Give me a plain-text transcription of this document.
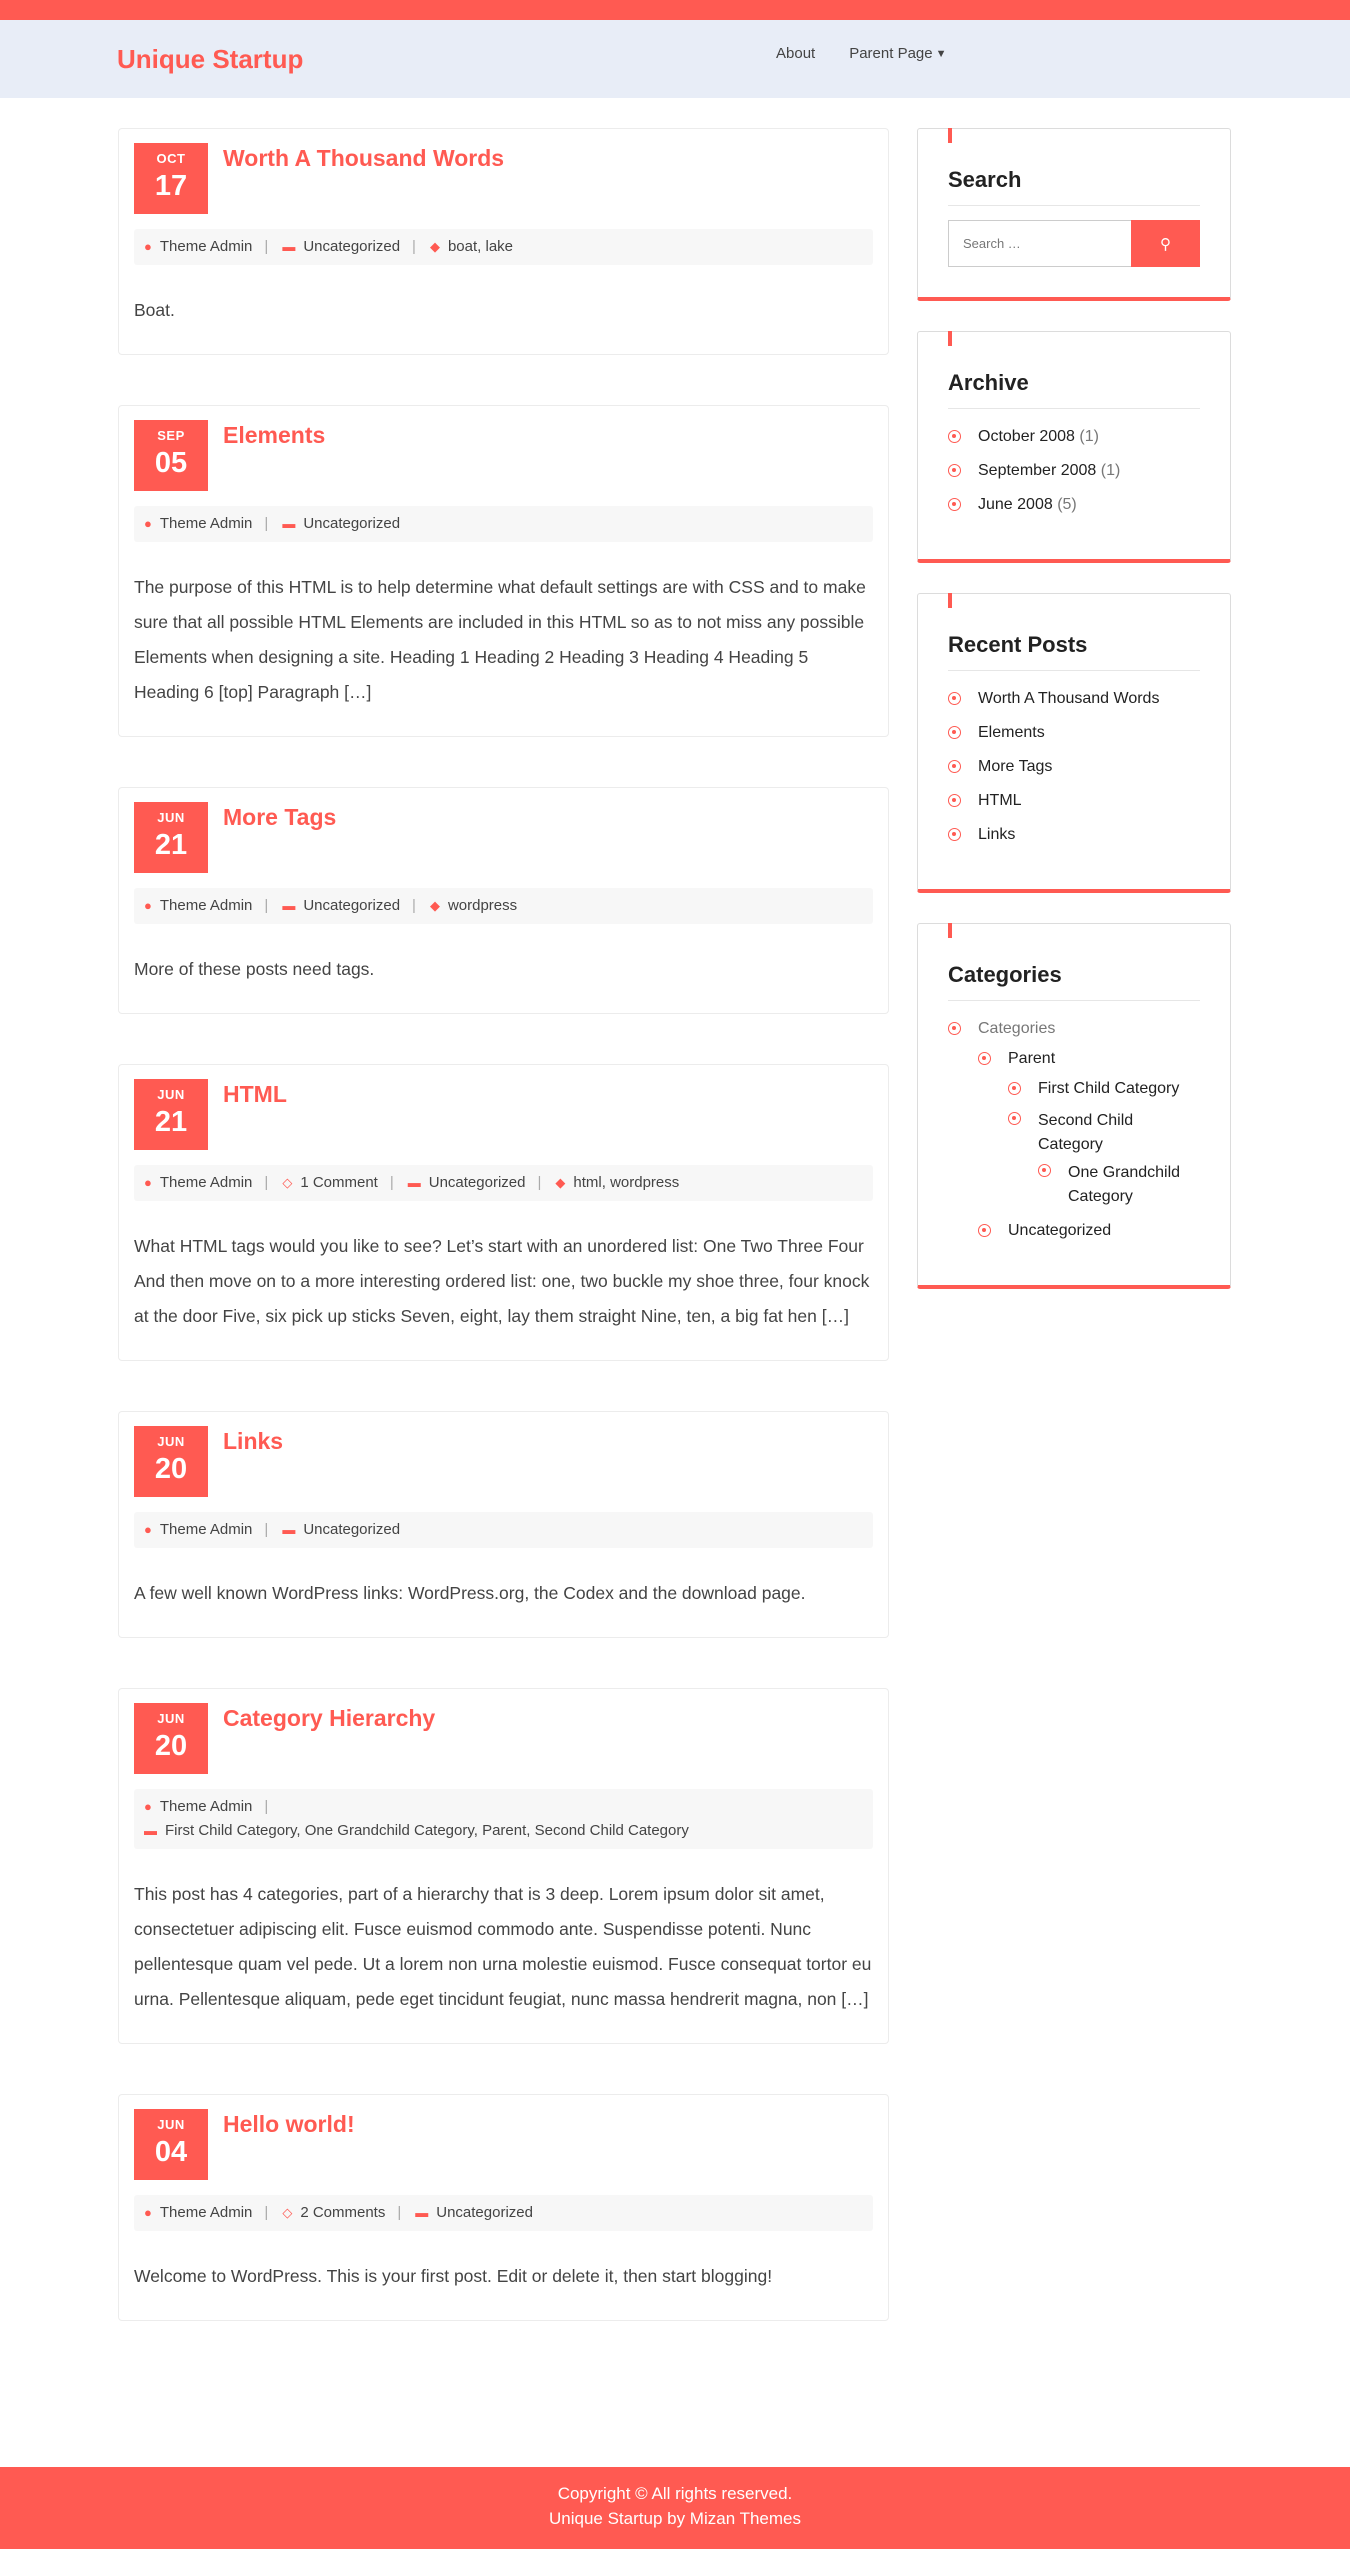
Unique Startup	About Parent Page ▼
OCT
17
Worth A Thousand Words
● Theme Admin | ▬ Uncategorized | ◆ boat, lake

Boat.

SEP
05
Elements
● Theme Admin | ▬ Uncategorized

The purpose of this HTML is to help determine what default settings are with CSS and to make sure that all possible HTML Elements are included in this HTML so as to not miss any possible Elements when designing a site. Heading 1 Heading 2 Heading 3 Heading 4 Heading 5 Heading 6 [top] Paragraph […]

JUN
21
More Tags
● Theme Admin | ▬ Uncategorized | ◆ wordpress

More of these posts need tags.

JUN
21
HTML
● Theme Admin | ◇ 1 Comment | ▬ Uncategorized | ◆ html, wordpress

What HTML tags would you like to see? Let’s start with an unordered list: One Two Three Four And then move on to a more interesting ordered list: one, two buckle my shoe three, four knock at the door Five, six pick up sticks Seven, eight, lay them straight Nine, ten, a big fat hen […]

JUN
20
Links
● Theme Admin | ▬ Uncategorized

A few well known WordPress links: WordPress.org, the Codex and the download page.

JUN
20
Category Hierarchy
● Theme Admin |
▬ First Child Category, One Grandchild Category, Parent, Second Child Category

This post has 4 categories, part of a hierarchy that is 3 deep. Lorem ipsum dolor sit amet, consectetuer adipiscing elit. Fusce euismod commodo ante. Suspendisse potenti. Nunc pellentesque quam vel pede. Ut a lorem non urna molestie euismod. Fusce consequat tortor eu urna. Pellentesque aliquam, pede eget tincidunt feugiat, nunc massa hendrerit magna, non […]

JUN
04
Hello world!
● Theme Admin | ◇ 2 Comments | ▬ Uncategorized

Welcome to WordPress. This is your first post. Edit or delete it, then start blogging!

Search
Search …
⚲
Archive
October 2008 (1)
September 2008 (1)
June 2008 (5)
Recent Posts
Worth A Thousand Words
Elements
More Tags
HTML
Links
Categories
Categories
Parent
First Child Category
Second Child Category
One Grandchild Category
Uncategorized
Copyright © All rights reserved.
Unique Startup by Mizan Themes
